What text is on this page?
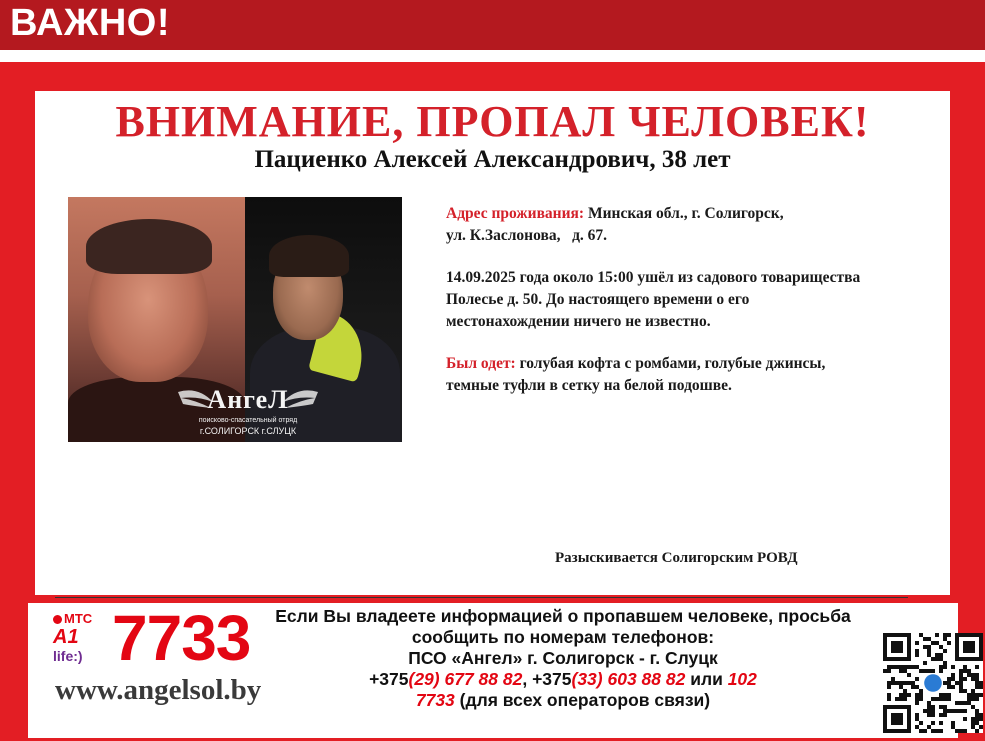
ВАЖНО!
ВНИМАНИЕ, ПРОПАЛ ЧЕЛОВЕК!
Пациенко Алексей Александрович, 38 лет
АнгеЛ
поисково-спасательный отряд
г.СОЛИГОРСК г.СЛУЦК

Адрес проживания: Минская обл., г. Солигорск,
ул. К.Заслонова,   д. 67.

14.09.2025 года около 15:00 ушёл из садового товарищества
Полесье д. 50. До настоящего времени о его
местонахождении ничего не известно.

Был одет: голубая кофта с ромбами, голубые джинсы,
темные туфли в сетку на белой подошве.

Разыскивается Солигорским РОВД
МТС
A1
life:) 7733
www.angelsol.by
Если Вы владеете информацией о пропавшем человеке, просьба
сообщить по номерам телефонов:
ПСО «Ангел» г. Солигорск - г. Слуцк
+375(29) 677 88 82, +375(33) 603 88 82 или 102
7733 (для всех операторов связи)
